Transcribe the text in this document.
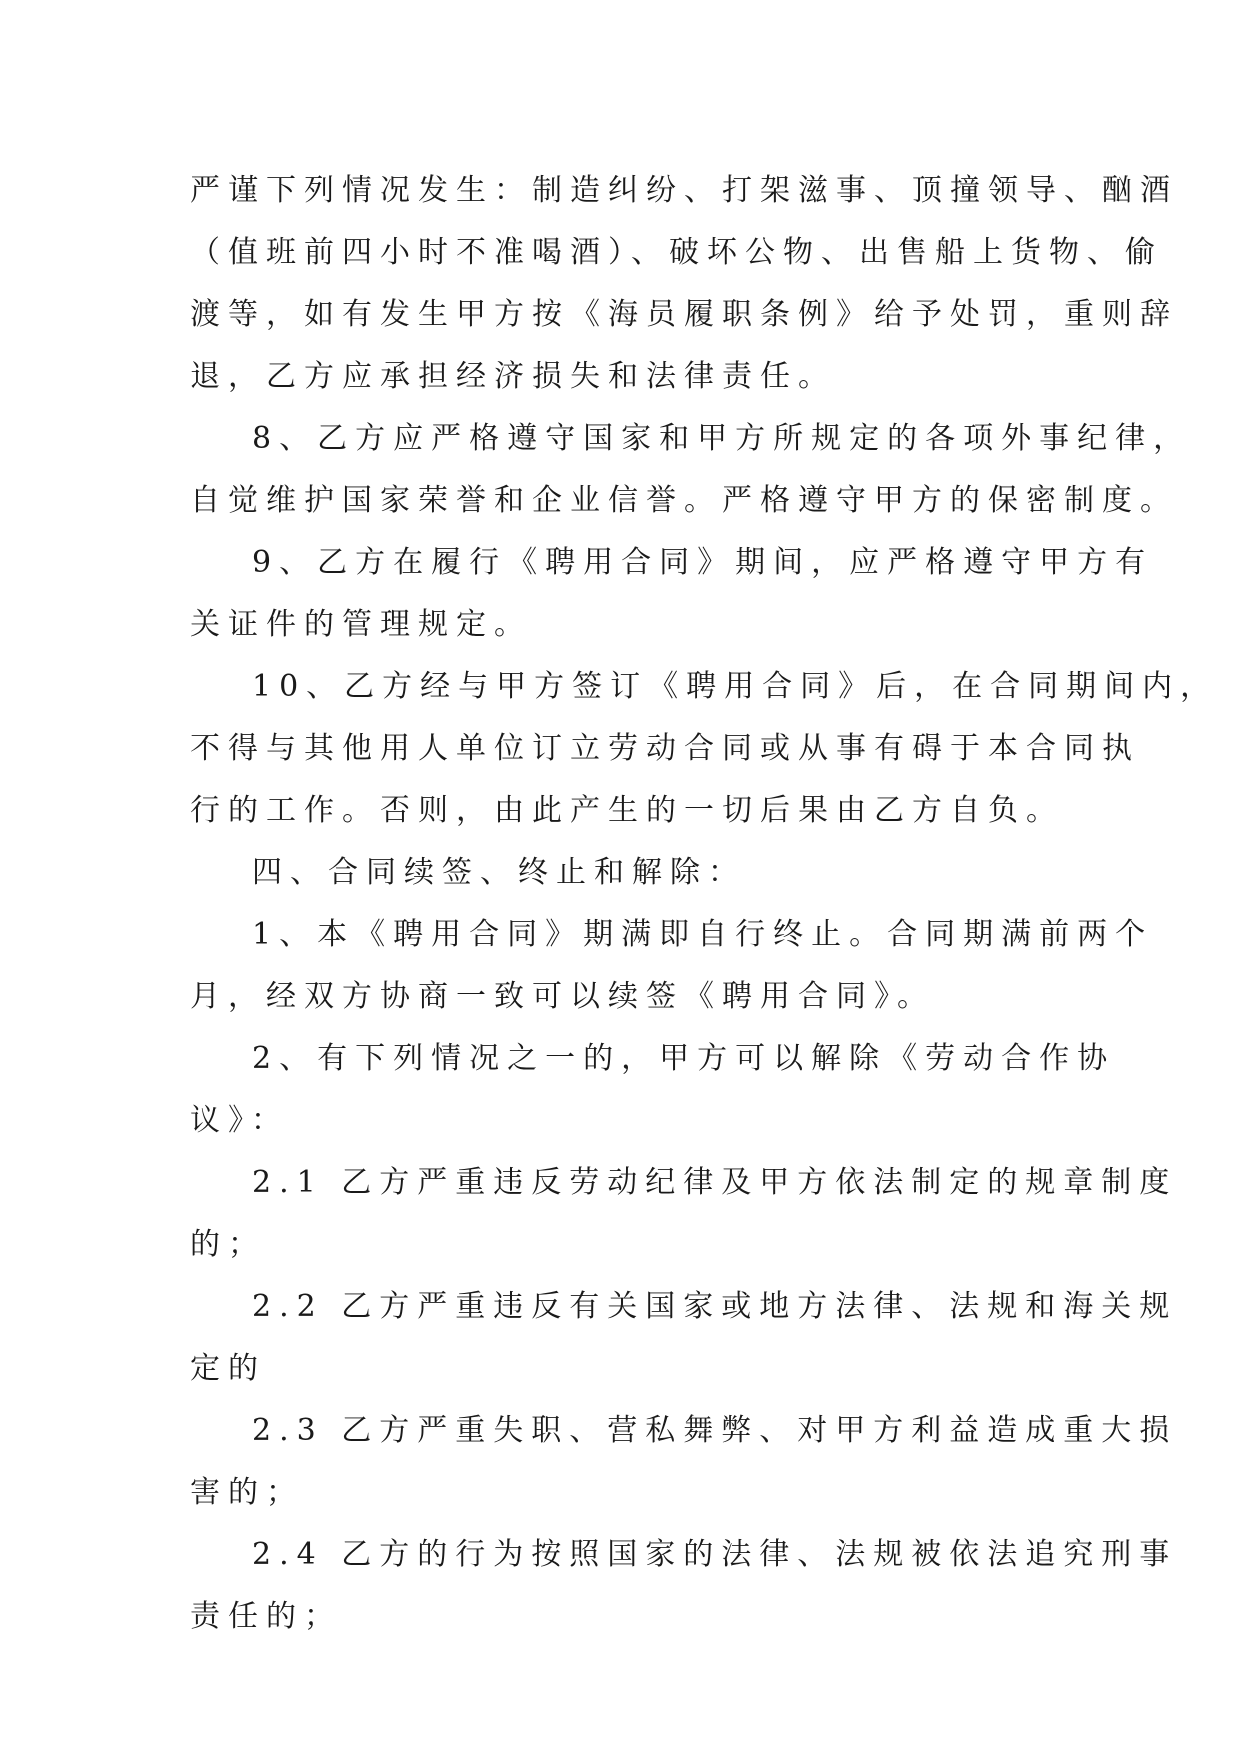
严谨下列情况发生：制造纠纷、打架滋事、顶撞领导、酗酒
（值班前四小时不准喝酒）、破坏公物、出售船上货物、偷
渡等，如有发生甲方按《海员履职条例》给予处罚，重则辞
退，乙方应承担经济损失和法律责任。
8、乙方应严格遵守国家和甲方所规定的各项外事纪律，
自觉维护国家荣誉和企业信誉。严格遵守甲方的保密制度。
9、乙方在履行《聘用合同》期间，应严格遵守甲方有
关证件的管理规定。
10、乙方经与甲方签订《聘用合同》后，在合同期间内，
不得与其他用人单位订立劳动合同或从事有碍于本合同执
行的工作。否则，由此产生的一切后果由乙方自负。
四、合同续签、终止和解除：
1、本《聘用合同》期满即自行终止。合同期满前两个
月，经双方协商一致可以续签《聘用合同》。
2、有下列情况之一的，甲方可以解除《劳动合作协
议》：
2.1 乙方严重违反劳动纪律及甲方依法制定的规章制度
的；
2.2 乙方严重违反有关国家或地方法律、法规和海关规
定的
2.3 乙方严重失职、营私舞弊、对甲方利益造成重大损
害的；
2.4 乙方的行为按照国家的法律、法规被依法追究刑事
责任的；
